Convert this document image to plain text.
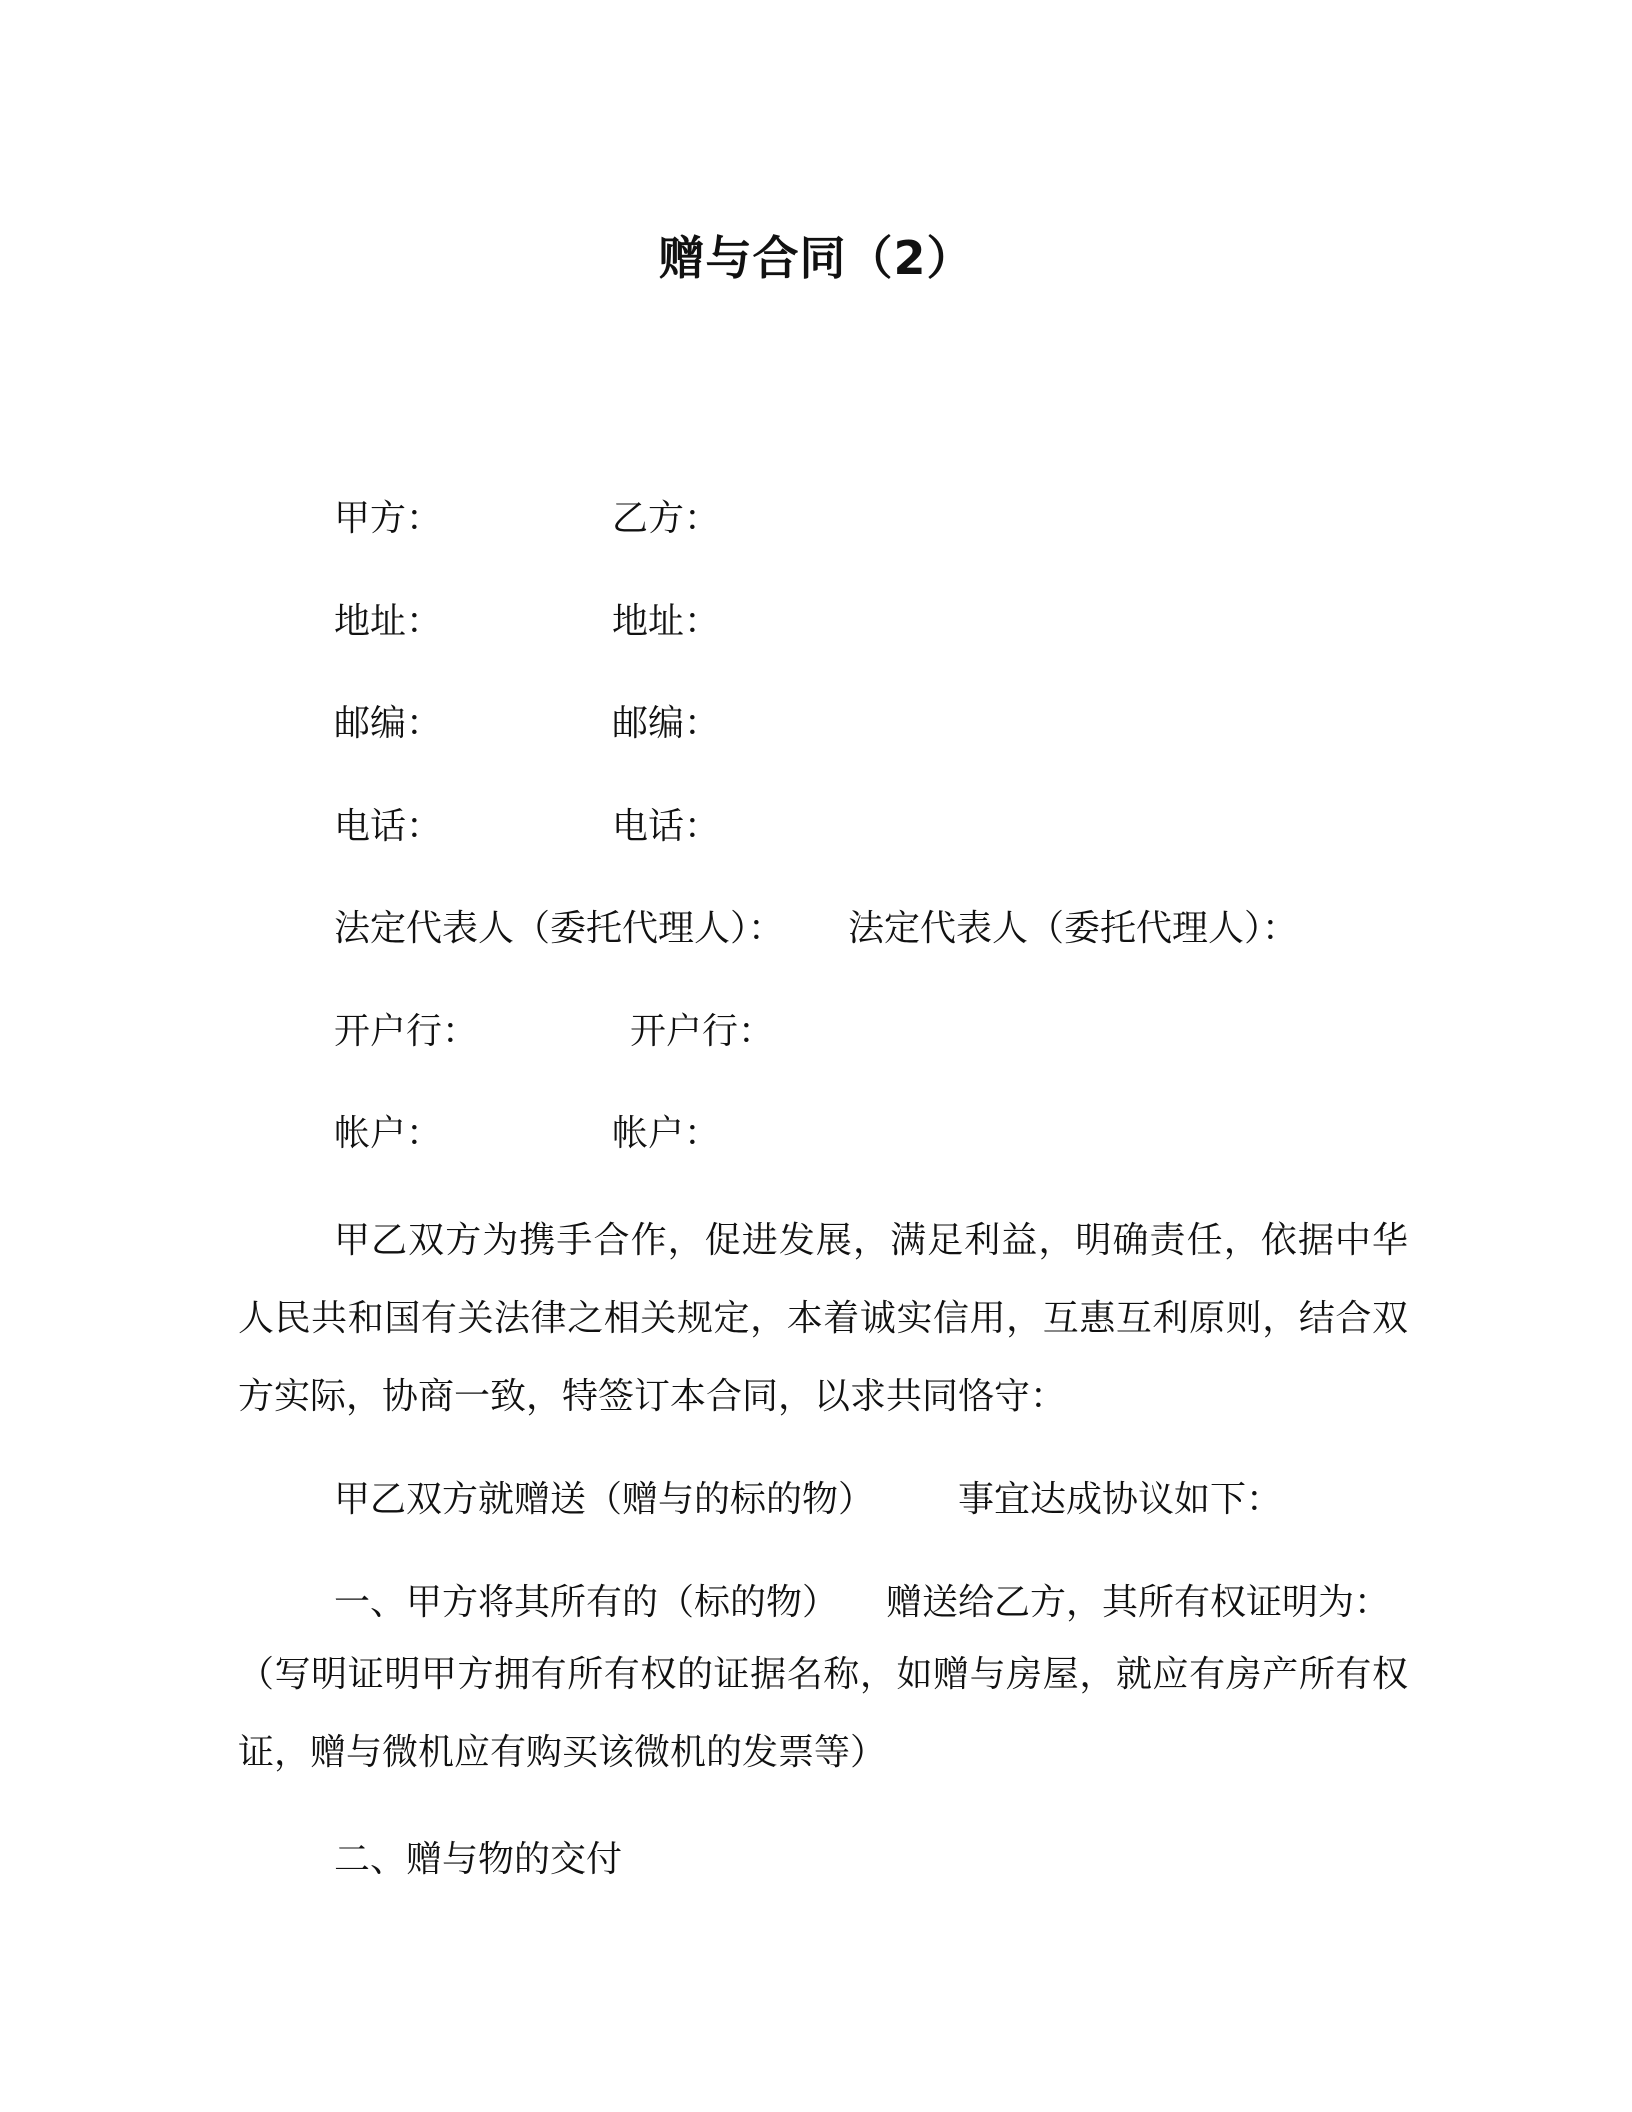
赠与合同（2）
甲方：	乙方：
地址：	地址：
邮编：	邮编：
电话：	电话：
法定代表人（委托代理人）： 法定代表人（委托代理人）：
开户行：	开户行：
帐户：	帐户：
甲乙双方为携手合作，促进发展，满足利益，明确责任，依据中华人民共和国有关法律之相关规定，本着诚实信用，互惠互利原则，结合双方实际，协商一致，特签订本合同，以求共同恪守：
甲乙双方就赠送（赠与的标的物） 事宜达成协议如下：
一、甲方将其所有的（标的物） 赠送给乙方，其所有权证明为：
（写明证明甲方拥有所有权的证据名称，如赠与房屋，就应有房产所有权证，赠与微机应有购买该微机的发票等）
二、赠与物的交付
